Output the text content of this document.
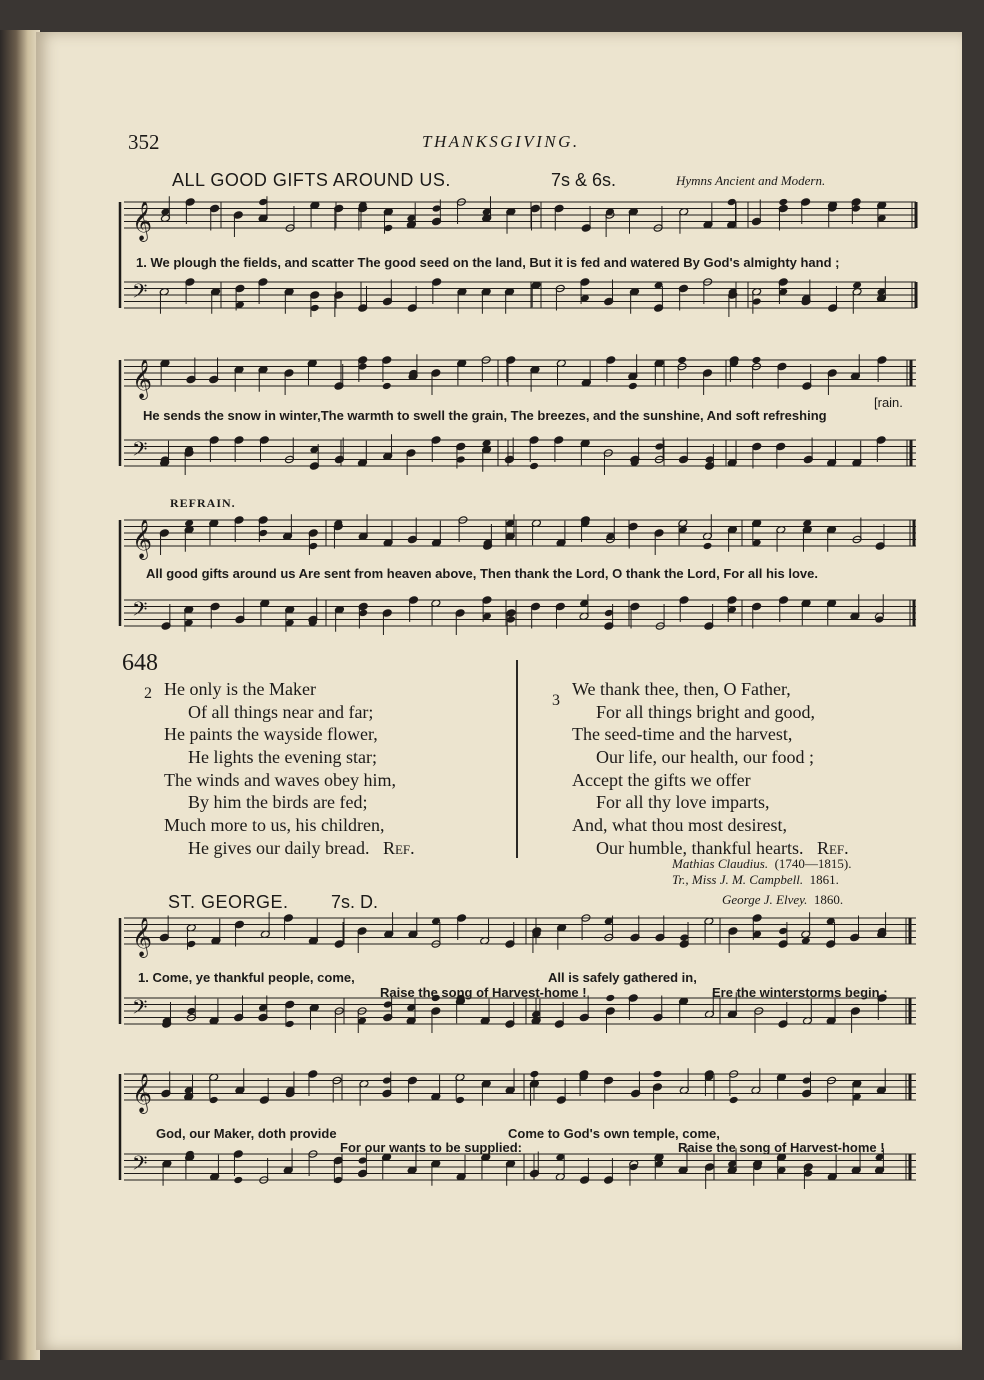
𝄞
𝄢
𝄞
𝄢
𝄞
𝄢
𝄞
𝄢
𝄞
𝄢
352	THANKSGIVING.
ALL GOOD GIFTS AROUND US.	7s & 6s.	Hymns Ancient and Modern.
1. We plough the fields, and scatter The good seed on the land, But it is fed and watered By God's almighty hand ;
[rain.
He sends the snow in winter,The warmth to swell the grain, The breezes, and the sunshine, And soft refreshing
REFRAIN.
All good gifts around us Are sent from heaven above, Then thank the Lord, O thank the Lord, For all his love.
648
2 He only is the Maker
Of all things near and far;
He paints the wayside flower,
He lights the evening star;
The winds and waves obey him,
By him the birds are fed;
Much more to us, his children,
He gives our daily bread. Ref.
3
We thank thee, then, O Father,
For all things bright and good,
The seed-time and the harvest,
Our life, our health, our food ;
Accept the gifts we offer
For all thy love imparts,
And, what thou most desirest,
Our humble, thankful hearts. Ref.
Mathias Claudius. (1740—1815).
Tr., Miss J. M. Campbell. 1861.
ST. GEORGE. 7s. D.	George J. Elvey. 1860.
1. Come, ye thankful people, come,	All is safely gathered in,
Raise the song of Harvest-home !	Ere the winterstorms begin :
God, our Maker, doth provide	Come to God's own temple, come,
For our wants to be supplied:	Raise the song of Harvest-home !
